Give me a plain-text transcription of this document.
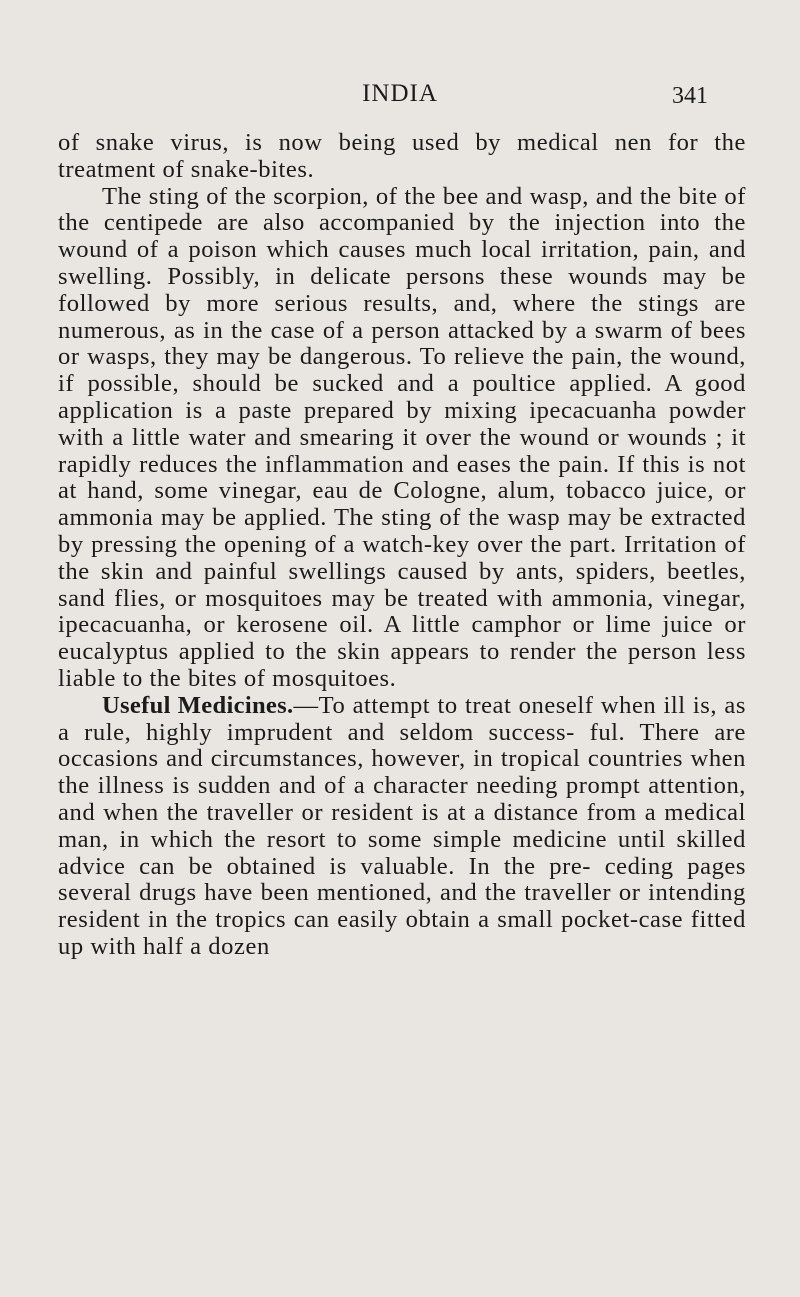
INDIA	341

of snake virus, is now being used by medical nen for the treatment of snake-bites.

The sting of the scorpion, of the bee and wasp, and the bite of the centipede are also accompanied by the injection into the wound of a poison which causes much local irritation, pain, and swelling. Possibly, in delicate persons these wounds may be followed by more serious results, and, where the stings are numerous, as in the case of a person attacked by a swarm of bees or wasps, they may be dangerous. To relieve the pain, the wound, if possible, should be sucked and a poultice applied. A good application is a paste prepared by mixing ipecacuanha powder with a little water and smearing it over the wound or wounds ; it rapidly reduces the inflammation and eases the pain. If this is not at hand, some vinegar, eau de Cologne, alum, tobacco juice, or ammonia may be applied. The sting of the wasp may be extracted by pressing the opening of a watch-key over the part. Irritation of the skin and painful swellings caused by ants, spiders, beetles, sand flies, or mosquitoes may be treated with ammonia, vinegar, ipecacuanha, or kerosene oil. A little camphor or lime juice or eucalyptus applied to the skin appears to render the person less liable to the bites of mosquitoes.

Useful Medicines.—To attempt to treat oneself when ill is, as a rule, highly imprudent and seldom success- ful. There are occasions and circumstances, however, in tropical countries when the illness is sudden and of a character needing prompt attention, and when the traveller or resident is at a distance from a medical man, in which the resort to some simple medicine until skilled advice can be obtained is valuable. In the pre- ceding pages several drugs have been mentioned, and the traveller or intending resident in the tropics can easily obtain a small pocket-case fitted up with half a dozen
